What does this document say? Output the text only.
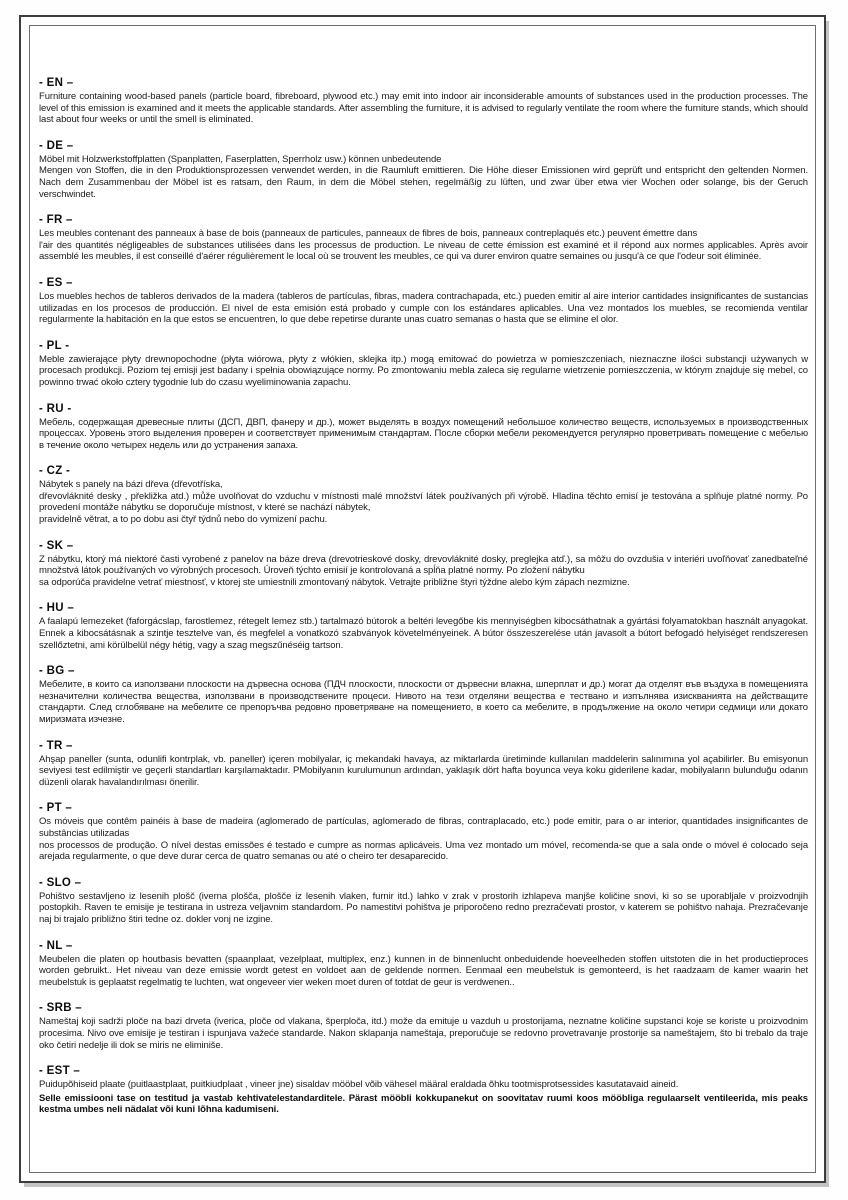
- EN –
Furniture containing wood-based panels (particle board, fibreboard, plywood etc.) may emit into indoor air inconsiderable amounts of substances used in the production processes. The level of this emission is examined and it meets the applicable standards. After assembling the furniture, it is advised to regularly ventilate the room where the furniture stands, which should last about four weeks or until the smell is eliminated.
- DE –
Möbel mit Holzwerkstoffplatten (Spanplatten, Faserplatten, Sperrholz usw.) können unbedeutende
Mengen von Stoffen, die in den Produktionsprozessen verwendet werden, in die Raumluft emittieren. Die Höhe dieser Emissionen wird geprüft und entspricht den geltenden Normen. Nach dem Zusammenbau der Möbel ist es ratsam, den Raum, in dem die Möbel stehen, regelmäßig zu lüften, und zwar über etwa vier Wochen oder solange, bis der Geruch verschwindet.
- FR –
Les meubles contenant des panneaux à base de bois (panneaux de particules, panneaux de fibres de bois, panneaux contreplaqués etc.) peuvent émettre dans
l'air des quantités négligeables de substances utilisées dans les processus de production. Le niveau de cette émission est examiné et il répond aux normes applicables. Après avoir assemblé les meubles, il est conseillé d'aérer régulièrement le local où se trouvent les meubles, ce qui va durer environ quatre semaines ou jusqu'à ce que l'odeur soit éliminée.
- ES –
Los muebles hechos de tableros derivados de la madera (tableros de partículas, fibras, madera contrachapada, etc.) pueden emitir al aire interior cantidades insignificantes de sustancias utilizadas en los procesos de producción. El nivel de esta emisión está probado y cumple con los estándares aplicables. Una vez montados los muebles, se recomienda ventilar regularmente la habitación en la que estos se encuentren, lo que debe repetirse durante unas cuatro semanas o hasta que se elimine el olor.
- PL -
Meble zawierające płyty drewnopochodne (płyta wiórowa, płyty z włókien, sklejka itp.) mogą emitować do powietrza w pomieszczeniach, nieznaczne ilości substancji używanych w procesach produkcji. Poziom tej emisji jest badany i spełnia obowiązujące normy. Po zmontowaniu mebla zaleca się regularne wietrzenie pomieszczenia, w którym znajduje się mebel, co powinno trwać około cztery tygodnie lub do czasu wyeliminowania zapachu.
- RU -
Мебель, содержащая древесные плиты (ДСП, ДВП, фанеру и др.), может выделять в воздух помещений небольшое количество веществ, используемых в производственных процессах. Уровень этого выделения проверен и соответствует применимым стандартам. После сборки мебели рекомендуется регулярно проветривать помещение с мебелью в течение около четырех недель или до устранения запаха.
- CZ -
Nábytek s panely na bázi dřeva (dřevotříska,
dřevovláknité desky , překližka atd.) může uvolňovat do vzduchu v místnosti malé množství látek používaných při výrobě. Hladina těchto emisí je testována a splňuje platné normy. Po provedení montáže nábytku se doporučuje místnost, v které se nachází nábytek,
pravidelně větrat, a to po dobu asi čtyř týdnů nebo do vymizení pachu.
- SK –
Z nábytku, ktorý má niektoré časti vyrobené z panelov na báze dreva (drevotrieskové dosky, drevovláknité dosky, preglejka atď.), sa môžu do ovzdušia v interiéri uvoľňovať zanedbateľné množstvá látok používaných vo výrobných procesoch. Úroveň týchto emisií je kontrolovaná a spĺňa platné normy. Po zložení nábytku
sa odporúča pravidelne vetrať miestnosť, v ktorej ste umiestnili zmontovaný nábytok. Vetrajte približne štyri týždne alebo kým zápach nezmizne.
- HU –
A faalapú lemezeket (faforgácslap, farostlemez, rétegelt lemez stb.) tartalmazó bútorok a beltéri levegőbe kis mennyiségben kibocsáthatnak a gyártási folyamatokban használt anyagokat. Ennek a kibocsátásnak a szintje tesztelve van, és megfelel a vonatkozó szabványok követelményeinek. A bútor összeszerelése után javasolt a bútort befogadó helyiséget rendszeresen szellőztetni, ami körülbelül négy hétig, vagy a szag megszűnéséig tartson.
- BG –
Мебелите, в които са използвани плоскости на дървесна основа (ПДЧ плоскости, плоскости от дървесни влакна, шперплат и др.) могат да отделят във въздуха в помещенията незначителни количества вещества, използвани в производствените процеси. Нивото на тези отделяни вещества е тествано и изпълнява изискванията на действащите стандарти. След сглобяване на мебелите се препоръчва редовно проветряване на помещението, в което са мебелите, в продължение на около четири седмици или докато миризмата изчезне.
- TR –
Ahşap paneller (sunta, odunlifi kontrplak, vb. paneller) içeren mobilyalar, iç mekandaki havaya, az miktarlarda üretiminde kullanılan maddelerin salınımına yol açabilirler. Bu emisyonun seviyesi test edilmiştir ve geçerli standartları karşılamaktadır. PMobilyanın kurulumunun ardından, yaklaşık dört hafta boyunca veya koku giderilene kadar, mobilyaların bulunduğu odanın düzenli olarak havalandırılması önerilir.
- PT –
Os móveis que contêm painéis à base de madeira (aglomerado de partículas, aglomerado de fibras, contraplacado, etc.) pode emitir, para o ar interior, quantidades insignificantes de substâncias utilizadas
nos processos de produção. O nível destas emissões é testado e cumpre as normas aplicáveis. Uma vez montado um móvel, recomenda-se que a sala onde o móvel é colocado seja arejada regularmente, o que deve durar cerca de quatro semanas ou até o cheiro ter desaparecido.
- SLO –
Pohištvo sestavljeno iz lesenih plošč (iverna plošča, plošče iz lesenih vlaken, furnir itd.) lahko v zrak v prostorih izhlapeva manjše količine snovi, ki so se uporabljale v proizvodnjih postopkih. Raven te emisije je testirana in ustreza veljavnim standardom. Po namestitvi pohištva je priporočeno redno prezračevati prostor, v katerem se pohištvo nahaja. Prezračevanje naj bi trajalo približno štiri tedne oz. dokler vonj ne izgine.
- NL –
Meubelen die platen op houtbasis bevatten (spaanplaat, vezelplaat, multiplex, enz.) kunnen in de binnenlucht onbeduidende hoeveelheden stoffen uitstoten die in het productieproces worden gebruikt.. Het niveau van deze emissie wordt getest en voldoet aan de geldende normen. Eenmaal een meubelstuk is gemonteerd, is het raadzaam de kamer waarin het meubelstuk is geplaatst regelmatig te luchten, wat ongeveer vier weken moet duren of totdat de geur is verdwenen..
- SRB –
Nameštaj koji sadrži ploče na bazi drveta (iverica, ploče od vlakana, šperploča, itd.) može da emituje u vazduh u prostorijama, neznatne količine supstanci koje se koriste u proizvodnim procesima. Nivo ove emisije je testiran i ispunjava važeće standarde. Nakon sklapanja nameštaja, preporučuje se redovno provetravanje prostorije sa nameštajem, što bi trebalo da traje oko četiri nedelje ili dok se miris ne eliminiše.
- EST –
Puidupõhiseid plaate (puitlaastplaat, puitkiudplaat , vineer jne) sisaldav mööbel võib vähesel määral eraldada õhku tootmisprotsessides kasutatavaid aineid.
Selle emissiooni tase on testitud ja vastab kehtivatelestandarditele. Pärast mööbli kokkupanekut on soovitatav ruumi koos mööbliga regulaarselt ventileerida, mis peaks kestma umbes neli nädalat või kuni lõhna kadumiseni.
